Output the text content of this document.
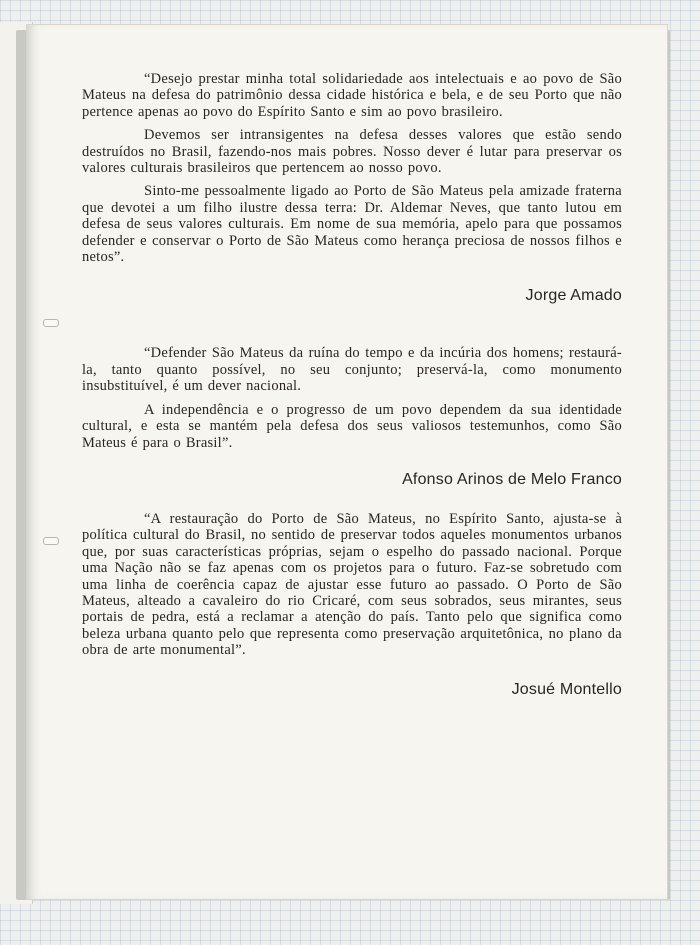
“Desejo prestar minha total solidariedade aos intelectuais e ao povo de São Mateus na defesa do patrimônio dessa cidade histórica e bela, e de seu Porto que não pertence apenas ao povo do Espírito Santo e sim ao povo brasileiro.

Devemos ser intransigentes na defesa desses valores que estão sendo destruídos no Brasil, fazendo-nos mais pobres. Nosso dever é lutar para preservar os valores culturais brasileiros que pertencem ao nosso povo.

Sinto-me pessoalmente ligado ao Porto de São Mateus pela amizade fraterna que devotei a um filho ilustre dessa terra: Dr. Aldemar Neves, que tanto lutou em defesa de seus valores culturais. Em nome de sua memória, apelo para que possamos defender e conservar o Porto de São Mateus como herança preciosa de nossos filhos e netos”.

Jorge Amado

“Defender São Mateus da ruína do tempo e da incúria dos homens; restaurá-la, tanto quanto possível, no seu conjunto; preservá-la, como monumento insubstituível, é um dever nacional.

A independência e o progresso de um povo dependem da sua identidade cultural, e esta se mantém pela defesa dos seus valiosos testemunhos, como São Mateus é para o Brasil”.

Afonso Arinos de Melo Franco

“A restauração do Porto de São Mateus, no Espírito Santo, ajusta-se à política cultural do Brasil, no sentido de preservar todos aqueles monumentos urbanos que, por suas características próprias, sejam o espelho do passado nacional. Porque uma Nação não se faz apenas com os projetos para o futuro. Faz-se sobretudo com uma linha de coerência capaz de ajustar esse futuro ao passado. O Porto de São Mateus, alteado a cavaleiro do rio Cricaré, com seus sobrados, seus mirantes, seus portais de pedra, está a reclamar a atenção do país. Tanto pelo que significa como beleza urbana quanto pelo que representa como preservação arquitetônica, no plano da obra de arte monumental”.

Josué Montello
